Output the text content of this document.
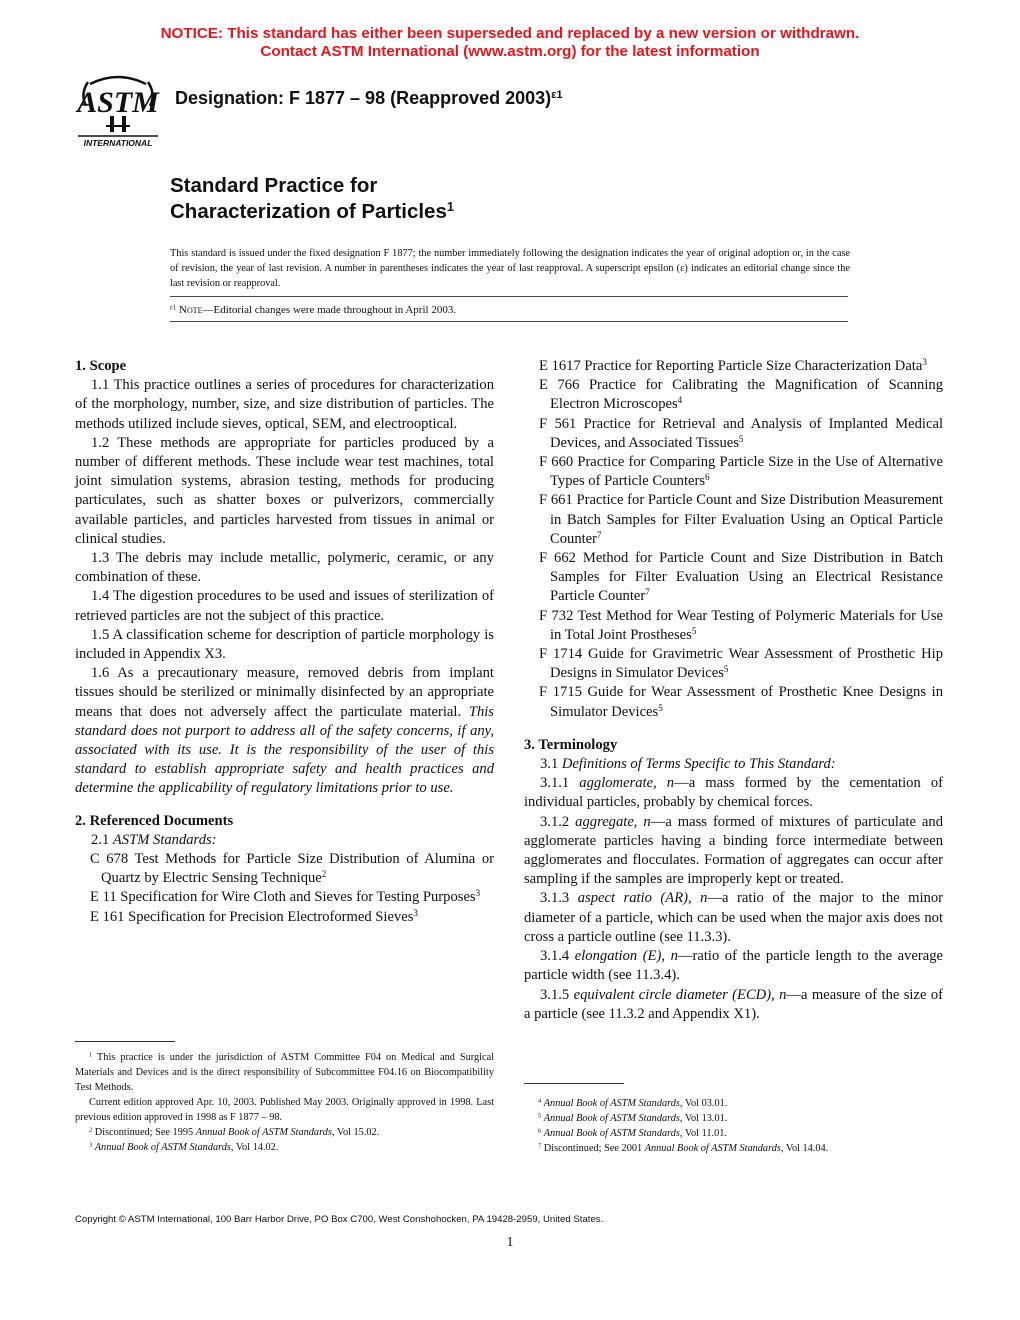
NOTICE: This standard has either been superseded and replaced by a new version or withdrawn.
Contact ASTM International (www.astm.org) for the latest information
ASTM
INTERNATIONAL
Designation: F 1877 – 98 (Reapproved 2003)$^{\varepsilon 1}$
Standard Practice for
Characterization of Particles$^1$
This standard is issued under the fixed designation F 1877; the number immediately following the designation indicates the year of original adoption or, in the case of revision, the year of last revision. A number in parentheses indicates the year of last reapproval. A superscript epsilon (ε) indicates an editorial change since the last revision or reapproval.
$^{\varepsilon 1}$ Note—Editorial changes were made throughout in April 2003.

1. Scope

1.1 This practice outlines a series of procedures for characterization of the morphology, number, size, and size distribution of particles. The methods utilized include sieves, optical, SEM, and electrooptical.

1.2 These methods are appropriate for particles produced by a number of different methods. These include wear test machines, total joint simulation systems, abrasion testing, methods for producing particulates, such as shatter boxes or pulverizors, commercially available particles, and particles harvested from tissues in animal or clinical studies.

1.3 The debris may include metallic, polymeric, ceramic, or any combination of these.

1.4 The digestion procedures to be used and issues of sterilization of retrieved particles are not the subject of this practice.

1.5 A classification scheme for description of particle morphology is included in Appendix X3.

1.6 As a precautionary measure, removed debris from implant tissues should be sterilized or minimally disinfected by an appropriate means that does not adversely affect the particulate material. This standard does not purport to address all of the safety concerns, if any, associated with its use. It is the responsibility of the user of this standard to establish appropriate safety and health practices and determine the applicability of regulatory limitations prior to use.

2. Referenced Documents

2.1 ASTM Standards:

C 678 Test Methods for Particle Size Distribution of Alumina or Quartz by Electric Sensing Technique$^2$

E 11 Specification for Wire Cloth and Sieves for Testing Purposes$^3$

E 161 Specification for Precision Electroformed Sieves$^3$

E 1617 Practice for Reporting Particle Size Characterization Data$^3$

E 766 Practice for Calibrating the Magnification of Scanning Electron Microscopes$^4$

F 561 Practice for Retrieval and Analysis of Implanted Medical Devices, and Associated Tissues$^5$

F 660 Practice for Comparing Particle Size in the Use of Alternative Types of Particle Counters$^6$

F 661 Practice for Particle Count and Size Distribution Measurement in Batch Samples for Filter Evaluation Using an Optical Particle Counter$^7$

F 662 Method for Particle Count and Size Distribution in Batch Samples for Filter Evaluation Using an Electrical Resistance Particle Counter$^7$

F 732 Test Method for Wear Testing of Polymeric Materials for Use in Total Joint Prostheses$^5$

F 1714 Guide for Gravimetric Wear Assessment of Prosthetic Hip Designs in Simulator Devices$^5$

F 1715 Guide for Wear Assessment of Prosthetic Knee Designs in Simulator Devices$^5$

3. Terminology

3.1 Definitions of Terms Specific to This Standard:

3.1.1 agglomerate, n—a mass formed by the cementation of individual particles, probably by chemical forces.

3.1.2 aggregate, n—a mass formed of mixtures of particulate and agglomerate particles having a binding force intermediate between agglomerates and flocculates. Formation of aggregates can occur after sampling if the samples are improperly kept or treated.

3.1.3 aspect ratio (AR), n—a ratio of the major to the minor diameter of a particle, which can be used when the major axis does not cross a particle outline (see 11.3.3).

3.1.4 elongation (E), n—ratio of the particle length to the average particle width (see 11.3.4).

3.1.5 equivalent circle diameter (ECD), n—a measure of the size of a particle (see 11.3.2 and Appendix X1).

$^1$ This practice is under the jurisdiction of ASTM Committee F04 on Medical and Surgical Materials and Devices and is the direct responsibility of Subcommittee F04.16 on Biocompatibility Test Methods.

Current edition approved Apr. 10, 2003. Published May 2003. Originally approved in 1998. Last previous edition approved in 1998 as F 1877 – 98.

$^2$ Discontinued; See 1995 Annual Book of ASTM Standards, Vol 15.02.

$^3$ Annual Book of ASTM Standards, Vol 14.02.

$^4$ Annual Book of ASTM Standards, Vol 03.01.

$^5$ Annual Book of ASTM Standards, Vol 13.01.

$^6$ Annual Book of ASTM Standards, Vol 11.01.

$^7$ Discontinued; See 2001 Annual Book of ASTM Standards, Vol 14.04.

Copyright © ASTM International, 100 Barr Harbor Drive, PO Box C700, West Conshohocken, PA 19428-2959, United States.
1
